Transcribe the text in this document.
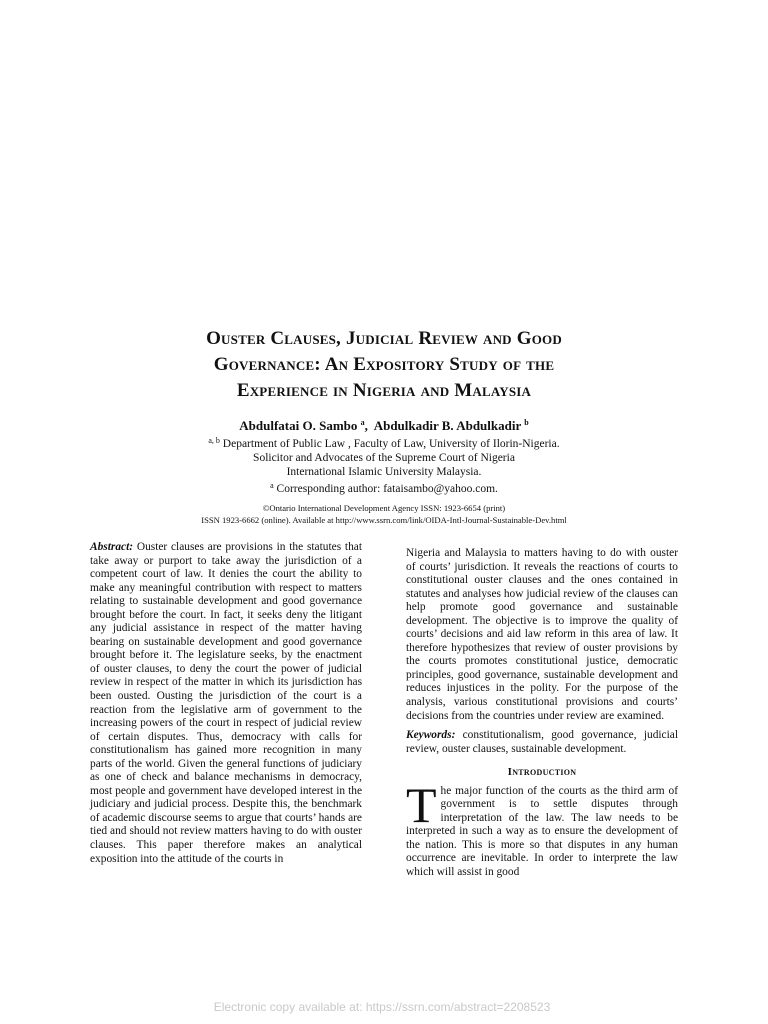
Ouster Clauses, Judicial Review and Good
Governance: An Expository Study of the
Experience in Nigeria and Malaysia
Abdulfatai O. Sambo $^a$, Abdulkadir B. Abdulkadir $^b$
$^{a, b}$ Department of Public Law , Faculty of Law, University of Ilorin-Nigeria.
Solicitor and Advocates of the Supreme Court of Nigeria
International Islamic University Malaysia.
$^a$ Corresponding author: fataisambo@yahoo.com.
©Ontario International Development Agency ISSN: 1923-6654 (print)
ISSN 1923-6662 (online). Available at http://www.ssrn.com/link/OIDA-Intl-Journal-Sustainable-Dev.html

Abstract: Ouster clauses are provisions in the statutes that take away or purport to take away the jurisdiction of a competent court of law. It denies the court the ability to make any meaningful contribution with respect to matters relating to sustainable development and good governance brought before the court. In fact, it seeks deny the litigant any judicial assistance in respect of the matter having bearing on sustainable development and good governance brought before it. The legislature seeks, by the enactment of ouster clauses, to deny the court the power of judicial review in respect of the matter in which its jurisdiction has been ousted. Ousting the jurisdiction of the court is a reaction from the legislative arm of government to the increasing powers of the court in respect of judicial review of certain disputes. Thus, democracy with calls for constitutionalism has gained more recognition in many parts of the world. Given the general functions of judiciary as one of check and balance mechanisms in democracy, most people and government have developed interest in the judiciary and judicial process. Despite this, the benchmark of academic discourse seems to argue that courts’ hands are tied and should not review matters having to do with ouster clauses. This paper therefore makes an analytical exposition into the attitude of the courts in

Nigeria and Malaysia to matters having to do with ouster of courts’ jurisdiction. It reveals the reactions of courts to constitutional ouster clauses and the ones contained in statutes and analyses how judicial review of the clauses can help promote good governance and sustainable development. The objective is to improve the quality of courts’ decisions and aid law reform in this area of law. It therefore hypothesizes that review of ouster provisions by the courts promotes constitutional justice, democratic principles, good governance, sustainable development and reduces injustices in the polity. For the purpose of the analysis, various constitutional provisions and courts’ decisions from the countries under review are examined.

Keywords: constitutionalism, good governance, judicial review, ouster clauses, sustainable development.

Introduction

The major function of the courts as the third arm of government is to settle disputes through interpretation of the law. The law needs to be interpreted in such a way as to ensure the development of the nation. This is more so that disputes in any human occurrence are inevitable. In order to interprete the law which will assist in good

Electronic copy available at: https://ssrn.com/abstract=2208523
